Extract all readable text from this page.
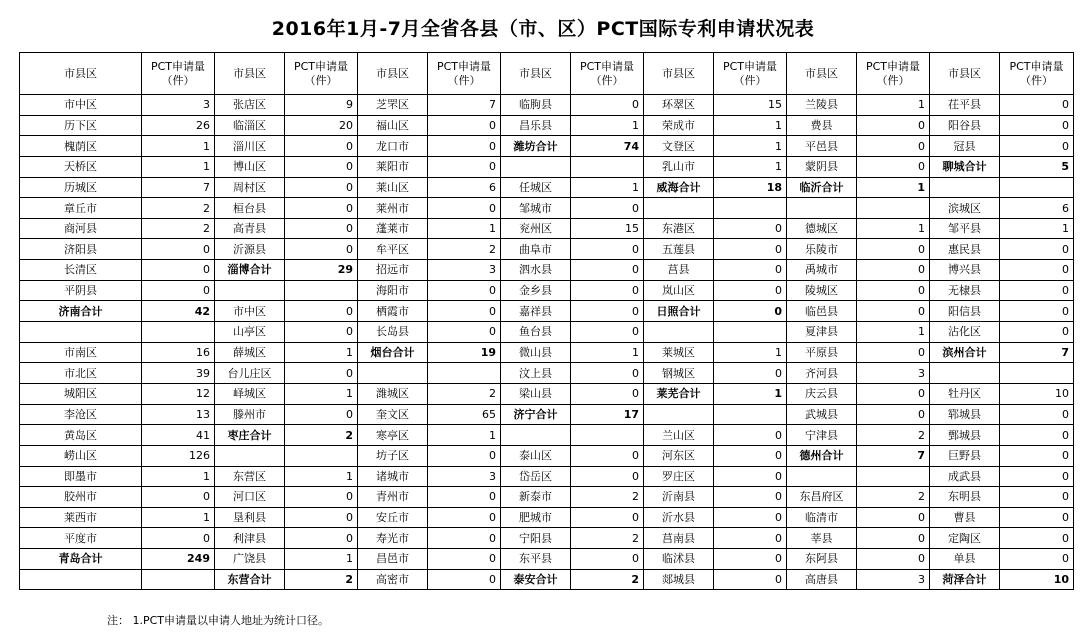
2016年1月-7月全省各县（市、区）PCT国际专利申请状况表
市县区	PCT申请量（件）	市县区	PCT申请量（件）	市县区	PCT申请量（件）	市县区	PCT申请量（件）	市县区	PCT申请量（件）	市县区	PCT申请量（件）	市县区	PCT申请量（件）
市中区	3	张店区	9	芝罘区	7	临朐县	0	环翠区	15	兰陵县	1	茌平县	0
历下区	26	临淄区	20	福山区	0	昌乐县	1	荣成市	1	费县	0	阳谷县	0
槐荫区	1	淄川区	0	龙口市	0	潍坊合计	74	文登区	1	平邑县	0	冠县	0
天桥区	1	博山区	0	莱阳市	0			乳山市	1	蒙阴县	0	聊城合计	5
历城区	7	周村区	0	莱山区	6	任城区	1	威海合计	18	临沂合计	1		
章丘市	2	桓台县	0	莱州市	0	邹城市	0					滨城区	6
商河县	2	高青县	0	蓬莱市	1	兖州区	15	东港区	0	德城区	1	邹平县	1
济阳县	0	沂源县	0	牟平区	2	曲阜市	0	五莲县	0	乐陵市	0	惠民县	0
长清区	0	淄博合计	29	招远市	3	泗水县	0	莒县	0	禹城市	0	博兴县	0
平阴县	0			海阳市	0	金乡县	0	岚山区	0	陵城区	0	无棣县	0
济南合计	42	市中区	0	栖霞市	0	嘉祥县	0	日照合计	0	临邑县	0	阳信县	0
		山亭区	0	长岛县	0	鱼台县	0			夏津县	1	沾化区	0
市南区	16	薛城区	1	烟台合计	19	微山县	1	莱城区	1	平原县	0	滨州合计	7
市北区	39	台儿庄区	0			汶上县	0	钢城区	0	齐河县	3		
城阳区	12	峄城区	1	潍城区	2	梁山县	0	莱芜合计	1	庆云县	0	牡丹区	10
李沧区	13	滕州市	0	奎文区	65	济宁合计	17			武城县	0	郓城县	0
黄岛区	41	枣庄合计	2	寒亭区	1			兰山区	0	宁津县	2	鄄城县	0
崂山区	126			坊子区	0	泰山区	0	河东区	0	德州合计	7	巨野县	0
即墨市	1	东营区	1	诸城市	3	岱岳区	0	罗庄区	0			成武县	0
胶州市	0	河口区	0	青州市	0	新泰市	2	沂南县	0	东昌府区	2	东明县	0
莱西市	1	垦利县	0	安丘市	0	肥城市	0	沂水县	0	临清市	0	曹县	0
平度市	0	利津县	0	寿光市	0	宁阳县	2	莒南县	0	莘县	0	定陶区	0
青岛合计	249	广饶县	1	昌邑市	0	东平县	0	临沭县	0	东阿县	0	单县	0
		东营合计	2	高密市	0	泰安合计	2	郯城县	0	高唐县	3	菏泽合计	10
注： 1.PCT申请量以申请人地址为统计口径。
